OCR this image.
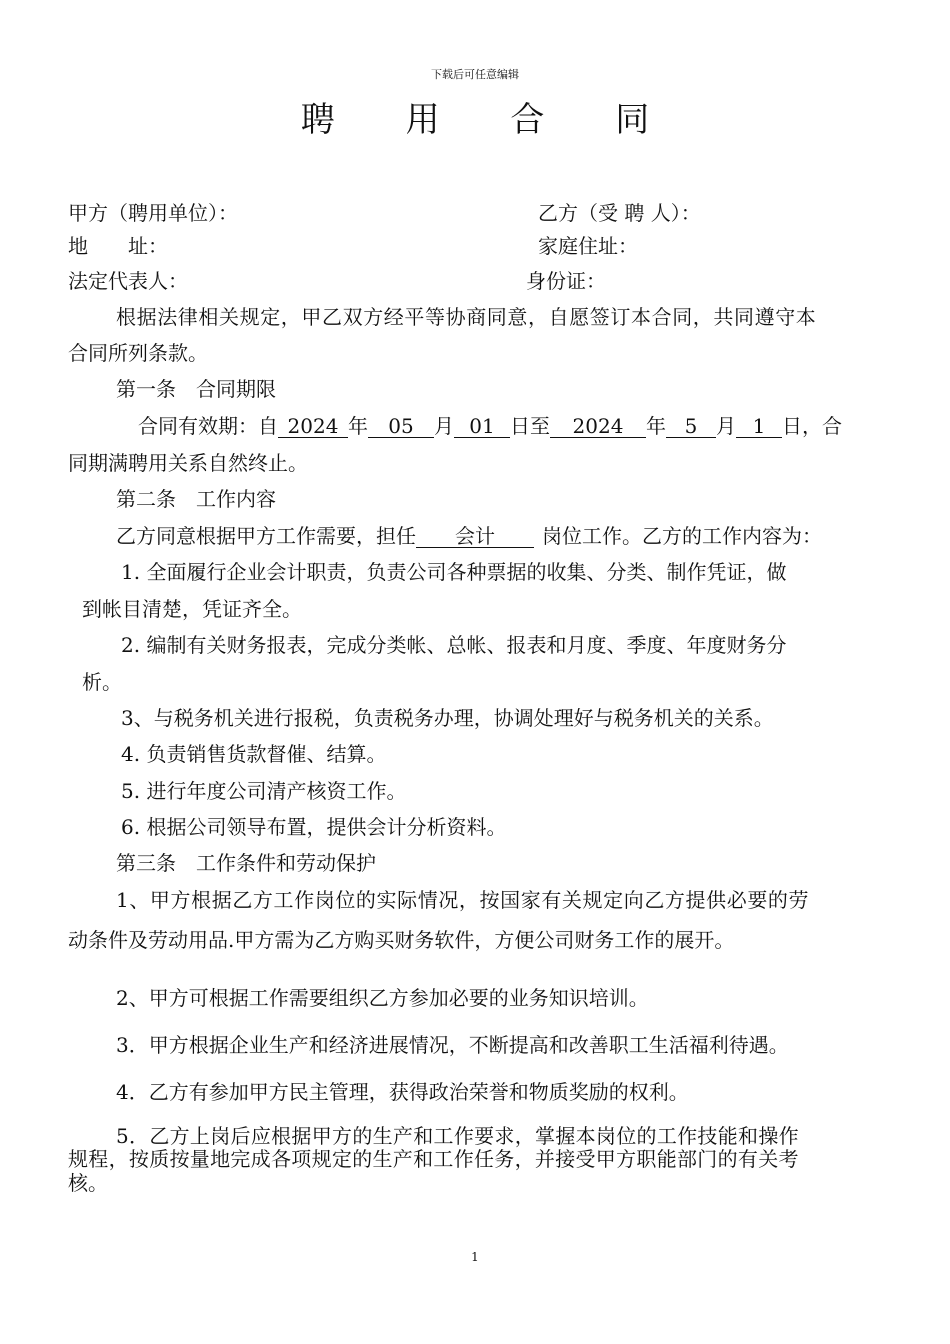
下载后可任意编辑
聘 用 合 同
甲方（聘用单位）：	乙方（受 聘 人）：
地　　址：	家庭住址：
法定代表人：	身份证：
根据法律相关规定，甲乙双方经平等协商同意，自愿签订本合同，共同遵守本
合同所列条款。
第一条　合同期限
合同有效期：自 2024 年 05 月 01 日至 2024 年 5 月 1 日，合
同期满聘用关系自然终止。
第二条　工作内容
乙方同意根据甲方工作需要，担任 会计 岗位工作。乙方的工作内容为：
1. 全面履行企业会计职责，负责公司各种票据的收集、分类、制作凭证，做
到帐目清楚，凭证齐全。
2. 编制有关财务报表，完成分类帐、总帐、报表和月度、季度、年度财务分
析。
3、与税务机关进行报税，负责税务办理，协调处理好与税务机关的关系。
4. 负责销售货款督催、结算。
5. 进行年度公司清产核资工作。
6. 根据公司领导布置，提供会计分析资料。
第三条　工作条件和劳动保护
1、甲方根据乙方工作岗位的实际情况，按国家有关规定向乙方提供必要的劳
动条件及劳动用品.甲方需为乙方购买财务软件，方便公司财务工作的展开。
2、甲方可根据工作需要组织乙方参加必要的业务知识培训。
3．甲方根据企业生产和经济进展情况，不断提高和改善职工生活福利待遇。
4．乙方有参加甲方民主管理，获得政治荣誉和物质奖励的权利。
5．乙方上岗后应根据甲方的生产和工作要求，掌握本岗位的工作技能和操作
规程，按质按量地完成各项规定的生产和工作任务，并接受甲方职能部门的有关考
核。
1
